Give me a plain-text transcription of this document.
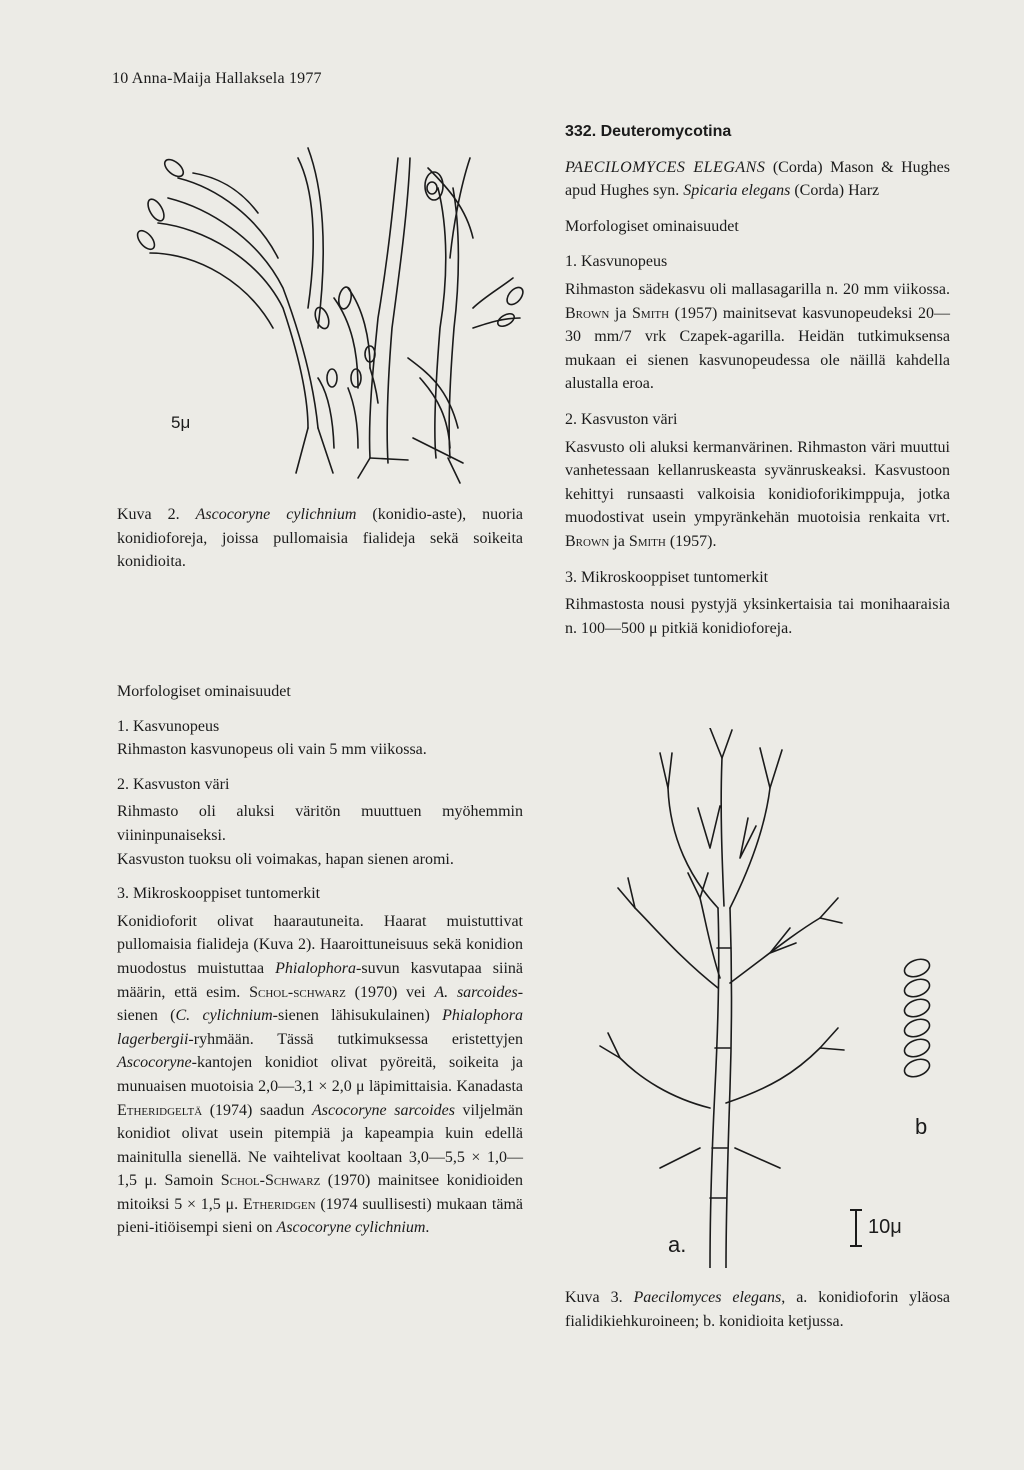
10 Anna-Maija Hallaksela 1977
5μ

Kuva 2. Ascocoryne cylichnium (konidio-aste), nuoria konidioforeja, joissa pullomaisia fialideja sekä soikeita konidioita.

Morfologiset ominaisuudet

1. Kasvunopeus

Rihmaston kasvunopeus oli vain 5 mm viikossa.

2. Kasvuston väri

Rihmasto oli aluksi väritön muuttuen myöhemmin viininpunaiseksi.

Kasvuston tuoksu oli voimakas, hapan sienen aromi.

3. Mikroskooppiset tuntomerkit

Konidioforit olivat haarautuneita. Haarat muistuttivat pullomaisia fialideja (Kuva 2). Haaroittuneisuus sekä konidion muodostus muistuttaa Phialophora-suvun kasvutapaa siinä määrin, että esim. Schol-schwarz (1970) vei A. sarcoides-sienen (C. cylichnium-sienen lähisukulainen) Phialophora lagerbergii-ryhmään. Tässä tutkimuksessa eristettyjen Ascocoryne-kantojen konidiot olivat pyöreitä, soikeita ja munuaisen muotoisia 2,0—3,1 × 2,0 μ läpimittaisia. Kanadasta Etheridgeltä (1974) saadun Ascocoryne sarcoides viljelmän konidiot olivat usein pitempiä ja kapeampia kuin edellä mainitulla sienellä. Ne vaihtelivat kooltaan 3,0—5,5 × 1,0—1,5 μ. Samoin Schol-Schwarz (1970) mainitsee konidioiden mitoiksi 5 × 1,5 μ. Etheridgen (1974 suullisesti) mukaan tämä pieni-itiöisempi sieni on Ascocoryne cylichnium.

332. Deuteromycotina

PAECILOMYCES ELEGANS (Corda) Mason & Hughes apud Hughes syn. Spicaria elegans (Corda) Harz

Morfologiset ominaisuudet

1. Kasvunopeus

Rihmaston sädekasvu oli mallasagarilla n. 20 mm viikossa. Brown ja Smith (1957) mainitsevat kasvunopeudeksi 20—30 mm/7 vrk Czapek-agarilla. Heidän tutkimuksensa mukaan ei sienen kasvunopeudessa ole näillä kahdella alustalla eroa.

2. Kasvuston väri

Kasvusto oli aluksi kermanvärinen. Rihmaston väri muuttui vanhetessaan kellanruskeasta syvänruskeaksi. Kasvustoon kehittyi runsaasti valkoisia konidioforikimppuja, jotka muodostivat usein ympyränkehän muotoisia renkaita vrt. Brown ja Smith (1957).

3. Mikroskooppiset tuntomerkit

Rihmastosta nousi pystyjä yksinkertaisia tai monihaaraisia n. 100—500 μ pitkiä konidioforeja.

a.
b
10μ

Kuva 3. Paecilomyces elegans, a. konidioforin yläosa fialidikiehkuroineen; b. konidioita ketjussa.
